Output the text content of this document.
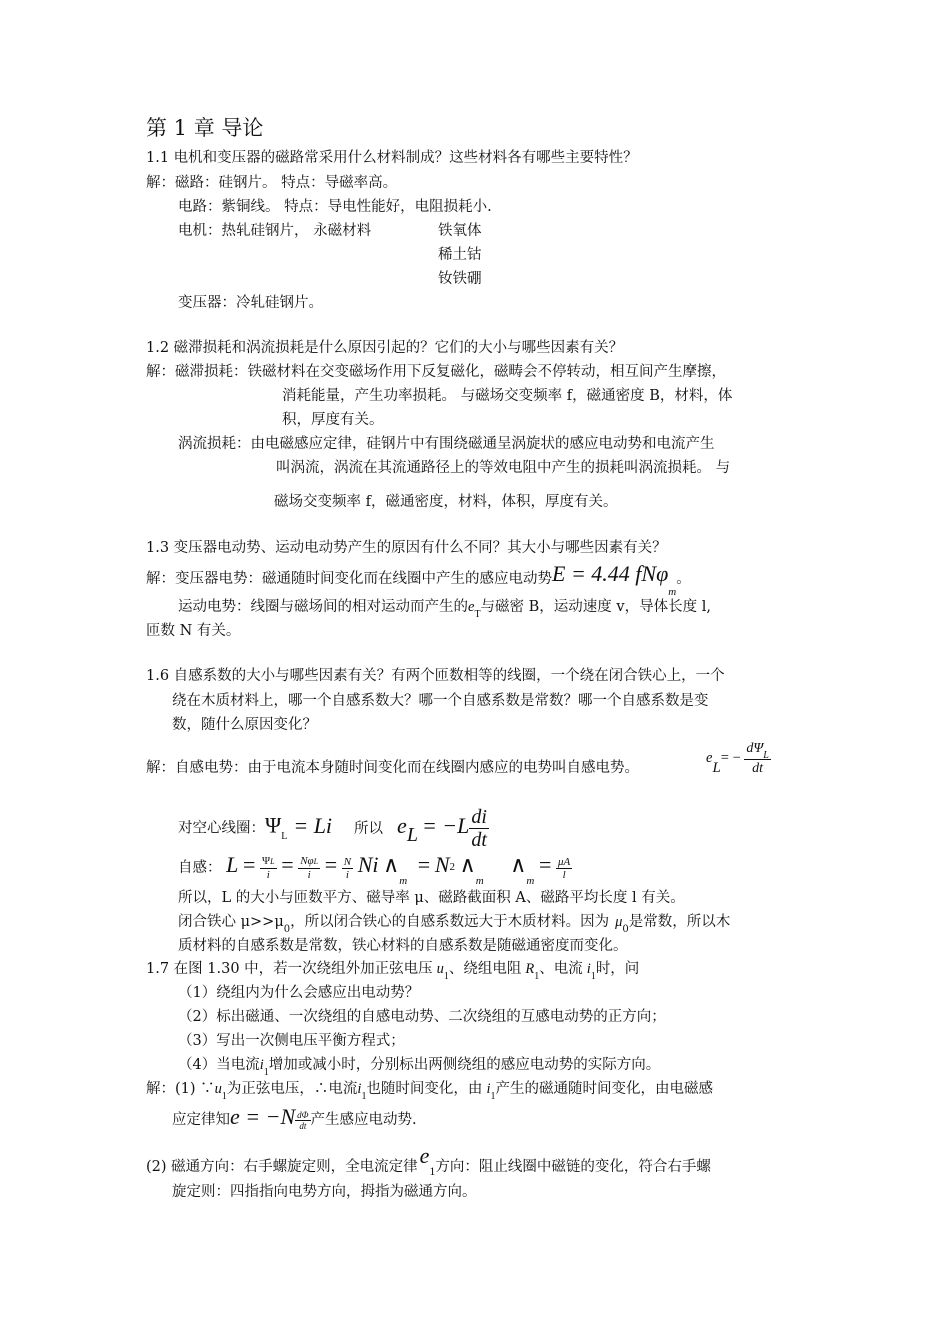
第 1 章 导论
1.1 电机和变压器的磁路常采用什么材料制成？这些材料各有哪些主要特性？
解：磁路：硅钢片。 特点：导磁率高。
电路：紫铜线。 特点：导电性能好，电阻损耗小.
电机：热轧硅钢片， 永磁材料	铁氧体
稀土钴
钕铁硼
变压器：冷轧硅钢片。
1.2 磁滞损耗和涡流损耗是什么原因引起的？它们的大小与哪些因素有关？
解：磁滞损耗：铁磁材料在交变磁场作用下反复磁化，磁畴会不停转动，相互间产生摩擦，
消耗能量，产生功率损耗。 与磁场交变频率 f，磁通密度 B，材料，体
积，厚度有关。
涡流损耗：由电磁感应定律，硅钢片中有围绕磁通呈涡旋状的感应电动势和电流产生
叫涡流，涡流在其流通路径上的等效电阻中产生的损耗叫涡流损耗。 与
磁场交变频率 f，磁通密度，材料，体积，厚度有关。
1.3 变压器电动势、运动电动势产生的原因有什么不同？其大小与哪些因素有关？
解：变压器电势：磁通随时间变化而在线圈中产生的感应电动势E = 4.44 fNφ$_m$。
运动电势：线圈与磁场间的相对运动而产生的$e_T$与磁密 B，运动速度 v，导体长度 l,
匝数 N 有关。
1.6 自感系数的大小与哪些因素有关？有两个匝数相等的线圈，一个绕在闭合铁心上，一个
绕在木质材料上，哪一个自感系数大？哪一个自感系数是常数？哪一个自感系数是变
数，随什么原因变化？
解：自感电势：由于电流本身随时间变化而在线圈内感应的电势叫自感电势。
$eL= - \frac{d\Psi_L}{dt}$
对空心线圈：$\Psi_L = Li$ 所以 eL = $-L \frac{di}{dt}$
自感： $L = \frac{\Psi L}{i} = \frac{\text{NφL}}{i} = \frac{N}{i}$ Ni $\wedge_m = N2$ $\wedge_m$ $\wedge_m = \frac{\mu A}{l}$
所以，L 的大小与匝数平方、磁导率 μ、磁路截面积 A、磁路平均长度 l 有关。
闭合铁心 $\mu>>\mu_0$，所以闭合铁心的自感系数远大于木质材料。因为 $\mu_0$是常数，所以木
质材料的自感系数是常数，铁心材料的自感系数是随磁通密度而变化。
1.7 在图 1.30 中，若一次绕组外加正弦电压 $u_1$、绕组电阻 $R_1$、电流 $i_1$时，问
（1）绕组内为什么会感应出电动势？
（2）标出磁通、一次绕组的自感电动势、二次绕组的互感电动势的正方向；
（3）写出一次侧电压平衡方程式；
（4）当电流$i_1$增加或减小时，分别标出两侧绕组的感应电动势的实际方向。
解：(1) $\because u_1$为正弦电压，∴电流$i_1$也随时间变化，由 $i_1$产生的磁通随时间变化，由电磁感
应定律知$e = -N \frac{d\Phi}{dt}$ 产生感应电动势.
(2) 磁通方向：右手螺旋定则，全电流定律$e_1$方向：阻止线圈中磁链的变化，符合右手螺
旋定则：四指指向电势方向，拇指为磁通方向。
